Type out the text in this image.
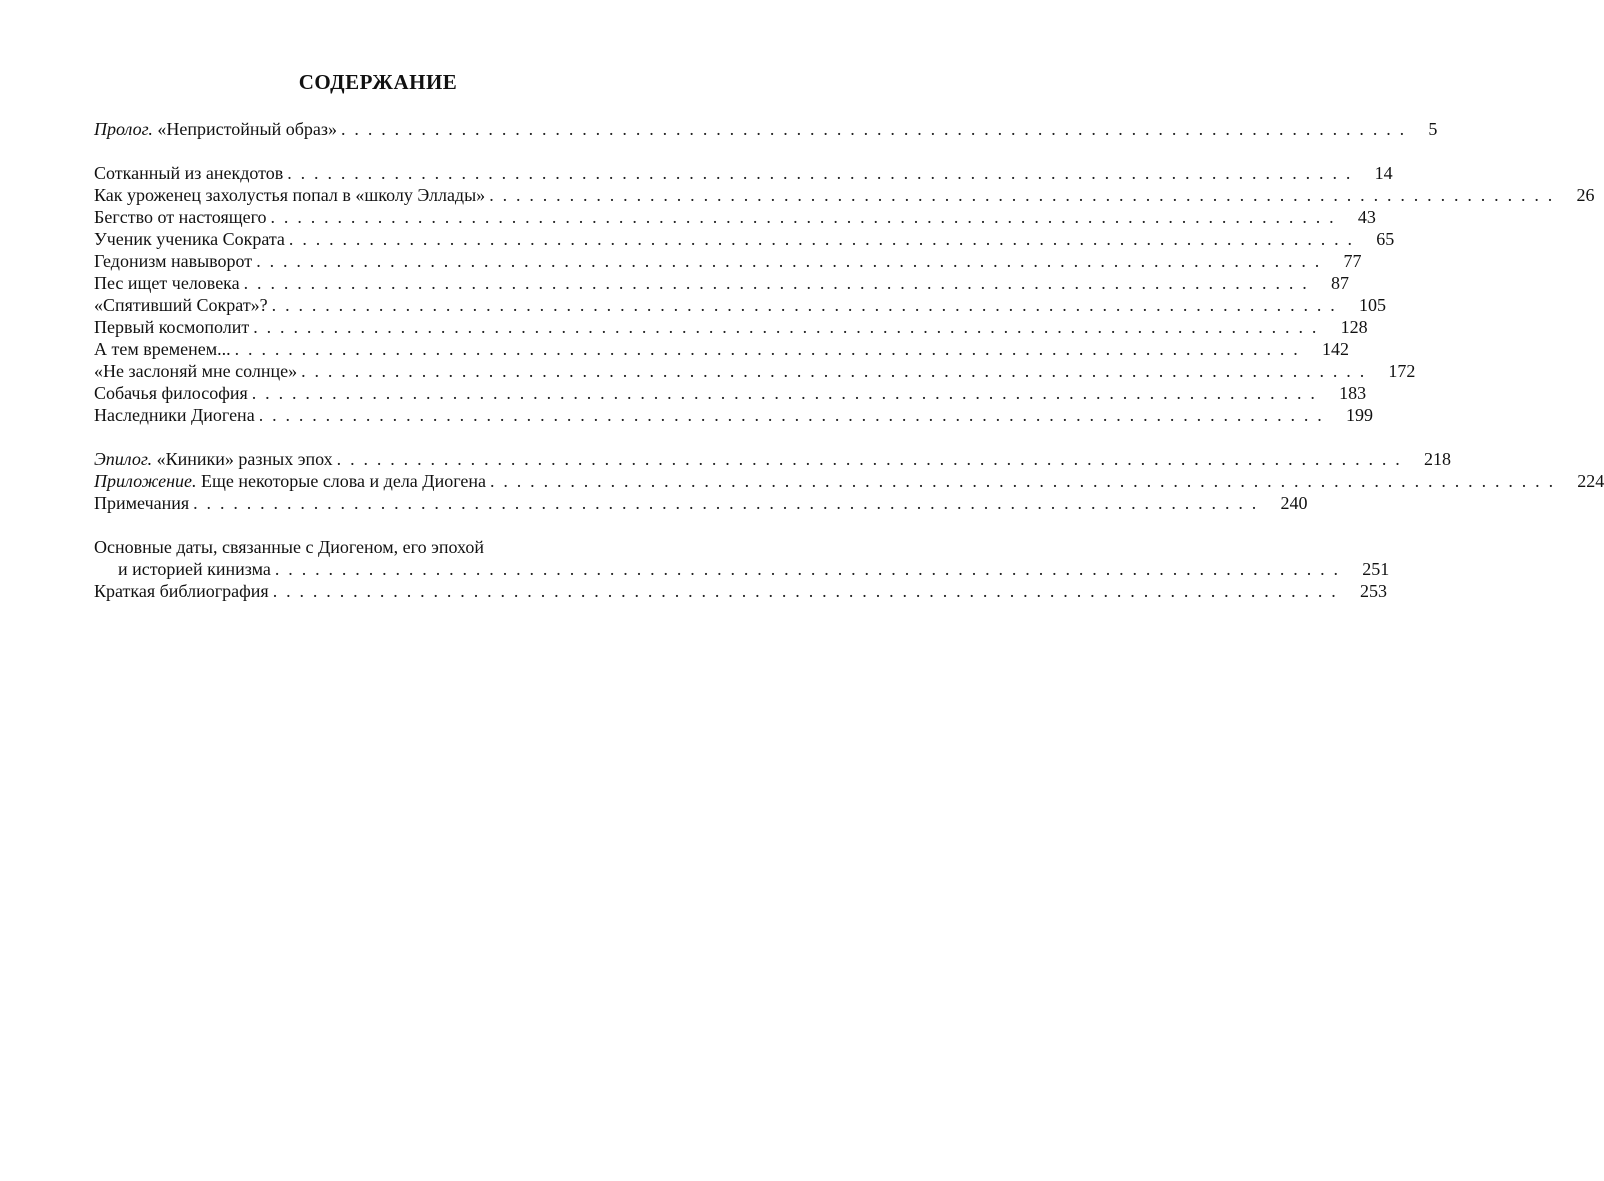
СОДЕРЖАНИЕ
Пролог. «Непристойный образ» . . . . . . . . . . . . . . . . . . . . . . . . . . . . . . . . . . . . . . . . . . . . . . . . . . . . . . . . . . . . . . . . . . . . . . . . . . . . . . . . 5
Сотканный из анекдотов . . . . . . . . . . . . . . . . . . . . . . . . . . . . . . . . . . . . . . . . . . . . . . . . . . . . . . . . . . . . . . . . . . . . . . . . . . . . . . . . 14
Как уроженец захолустья попал в «школу Эллады» . . . . . . . . . . . . . . . . . . . . . . . . . . . . . . . . . . . . . . . . . . . . . . . . . . . . . . . . . . . . . . . . . . . . . . . . . . . . . . . . 26
Бегство от настоящего . . . . . . . . . . . . . . . . . . . . . . . . . . . . . . . . . . . . . . . . . . . . . . . . . . . . . . . . . . . . . . . . . . . . . . . . . . . . . . . . 43
Ученик ученика Сократа . . . . . . . . . . . . . . . . . . . . . . . . . . . . . . . . . . . . . . . . . . . . . . . . . . . . . . . . . . . . . . . . . . . . . . . . . . . . . . . . 65
Гедонизм навыворот . . . . . . . . . . . . . . . . . . . . . . . . . . . . . . . . . . . . . . . . . . . . . . . . . . . . . . . . . . . . . . . . . . . . . . . . . . . . . . . . 77
Пес ищет человека . . . . . . . . . . . . . . . . . . . . . . . . . . . . . . . . . . . . . . . . . . . . . . . . . . . . . . . . . . . . . . . . . . . . . . . . . . . . . . . . 87
«Спятивший Сократ»? . . . . . . . . . . . . . . . . . . . . . . . . . . . . . . . . . . . . . . . . . . . . . . . . . . . . . . . . . . . . . . . . . . . . . . . . . . . . . . . . 105
Первый космополит . . . . . . . . . . . . . . . . . . . . . . . . . . . . . . . . . . . . . . . . . . . . . . . . . . . . . . . . . . . . . . . . . . . . . . . . . . . . . . . . 128
А тем временем... . . . . . . . . . . . . . . . . . . . . . . . . . . . . . . . . . . . . . . . . . . . . . . . . . . . . . . . . . . . . . . . . . . . . . . . . . . . . . . . . 142
«Не заслоняй мне солнце» . . . . . . . . . . . . . . . . . . . . . . . . . . . . . . . . . . . . . . . . . . . . . . . . . . . . . . . . . . . . . . . . . . . . . . . . . . . . . . . . 172
Собачья философия . . . . . . . . . . . . . . . . . . . . . . . . . . . . . . . . . . . . . . . . . . . . . . . . . . . . . . . . . . . . . . . . . . . . . . . . . . . . . . . . 183
Наследники Диогена . . . . . . . . . . . . . . . . . . . . . . . . . . . . . . . . . . . . . . . . . . . . . . . . . . . . . . . . . . . . . . . . . . . . . . . . . . . . . . . . 199
Эпилог. «Киники» разных эпох . . . . . . . . . . . . . . . . . . . . . . . . . . . . . . . . . . . . . . . . . . . . . . . . . . . . . . . . . . . . . . . . . . . . . . . . . . . . . . . . 218
Приложение. Еще некоторые слова и дела Диогена . . . . . . . . . . . . . . . . . . . . . . . . . . . . . . . . . . . . . . . . . . . . . . . . . . . . . . . . . . . . . . . . . . . . . . . . . . . . . . . . 224
Примечания . . . . . . . . . . . . . . . . . . . . . . . . . . . . . . . . . . . . . . . . . . . . . . . . . . . . . . . . . . . . . . . . . . . . . . . . . . . . . . . . 240
Основные даты, связанные с Диогеном, его эпохой
и историей кинизма . . . . . . . . . . . . . . . . . . . . . . . . . . . . . . . . . . . . . . . . . . . . . . . . . . . . . . . . . . . . . . . . . . . . . . . . . . . . . . . . 251
Краткая библиография . . . . . . . . . . . . . . . . . . . . . . . . . . . . . . . . . . . . . . . . . . . . . . . . . . . . . . . . . . . . . . . . . . . . . . . . . . . . . . . . 253
